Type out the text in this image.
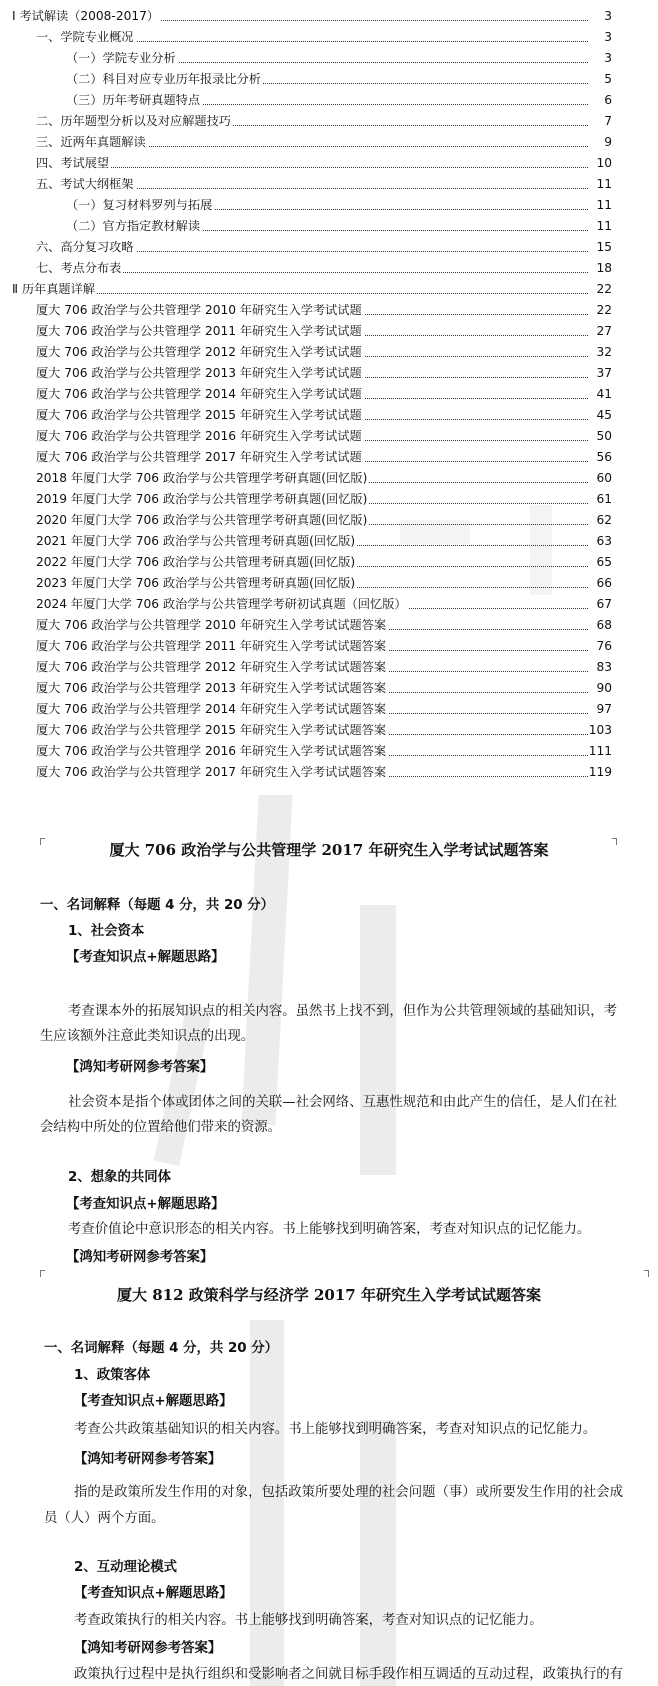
Ⅰ 考试解读（2008-2017）	3
一、学院专业概况	3
（一）学院专业分析	3
（二）科目对应专业历年报录比分析	5
（三）历年考研真题特点	6
二、历年题型分析以及对应解题技巧	7
三、近两年真题解读	9
四、考试展望	10
五、考试大纲框架	11
（一）复习材料罗列与拓展	11
（二）官方指定教材解读	11
六、高分复习攻略	15
七、考点分布表	18
Ⅱ 历年真题详解	22
厦大 706 政治学与公共管理学 2010 年研究生入学考试试题	22
厦大 706 政治学与公共管理学 2011 年研究生入学考试试题	27
厦大 706 政治学与公共管理学 2012 年研究生入学考试试题	32
厦大 706 政治学与公共管理学 2013 年研究生入学考试试题	37
厦大 706 政治学与公共管理学 2014 年研究生入学考试试题	41
厦大 706 政治学与公共管理学 2015 年研究生入学考试试题	45
厦大 706 政治学与公共管理学 2016 年研究生入学考试试题	50
厦大 706 政治学与公共管理学 2017 年研究生入学考试试题	56
2018 年厦门大学 706 政治学与公共管理学考研真题(回忆版)	60
2019 年厦门大学 706 政治学与公共管理学考研真题(回忆版)	61
2020 年厦门大学 706 政治学与公共管理学考研真题(回忆版)	62
2021 年厦门大学 706 政治学与公共管理考研真题(回忆版)	63
2022 年厦门大学 706 政治学与公共管理考研真题(回忆版)	65
2023 年厦门大学 706 政治学与公共管理考研真题(回忆版)	66
2024 年厦门大学 706 政治学与公共管理学考研初试真题（回忆版）	67
厦大 706 政治学与公共管理学 2010 年研究生入学考试试题答案	68
厦大 706 政治学与公共管理学 2011 年研究生入学考试试题答案	76
厦大 706 政治学与公共管理学 2012 年研究生入学考试试题答案	83
厦大 706 政治学与公共管理学 2013 年研究生入学考试试题答案	90
厦大 706 政治学与公共管理学 2014 年研究生入学考试试题答案	97
厦大 706 政治学与公共管理学 2015 年研究生入学考试试题答案	103
厦大 706 政治学与公共管理学 2016 年研究生入学考试试题答案	111
厦大 706 政治学与公共管理学 2017 年研究生入学考试试题答案	119
厦大 706 政治学与公共管理学 2017 年研究生入学考试试题答案
一、名词解释（每题 4 分，共 20 分）
1、社会资本
【考查知识点+解题思路】
考查课本外的拓展知识点的相关内容。虽然书上找不到，但作为公共管理领域的基础知识，考
生应该额外注意此类知识点的出现。
【鸿知考研网参考答案】
社会资本是指个体或团体之间的关联—社会网络、互惠性规范和由此产生的信任，是人们在社
会结构中所处的位置给他们带来的资源。
2、想象的共同体
【考查知识点+解题思路】
考查价值论中意识形态的相关内容。书上能够找到明确答案，考查对知识点的记忆能力。
【鸿知考研网参考答案】
厦大 812 政策科学与经济学 2017 年研究生入学考试试题答案
一、名词解释（每题 4 分，共 20 分）
1、政策客体
【考查知识点+解题思路】
考查公共政策基础知识的相关内容。书上能够找到明确答案，考查对知识点的记忆能力。
【鸿知考研网参考答案】
指的是政策所发生作用的对象，包括政策所要处理的社会问题（事）或所要发生作用的社会成
员（人）两个方面。
2、互动理论模式
【考查知识点+解题思路】
考查政策执行的相关内容。书上能够找到明确答案，考查对知识点的记忆能力。
【鸿知考研网参考答案】
政策执行过程中是执行组织和受影响者之间就目标手段作相互调适的互动过程，政策执行的有
